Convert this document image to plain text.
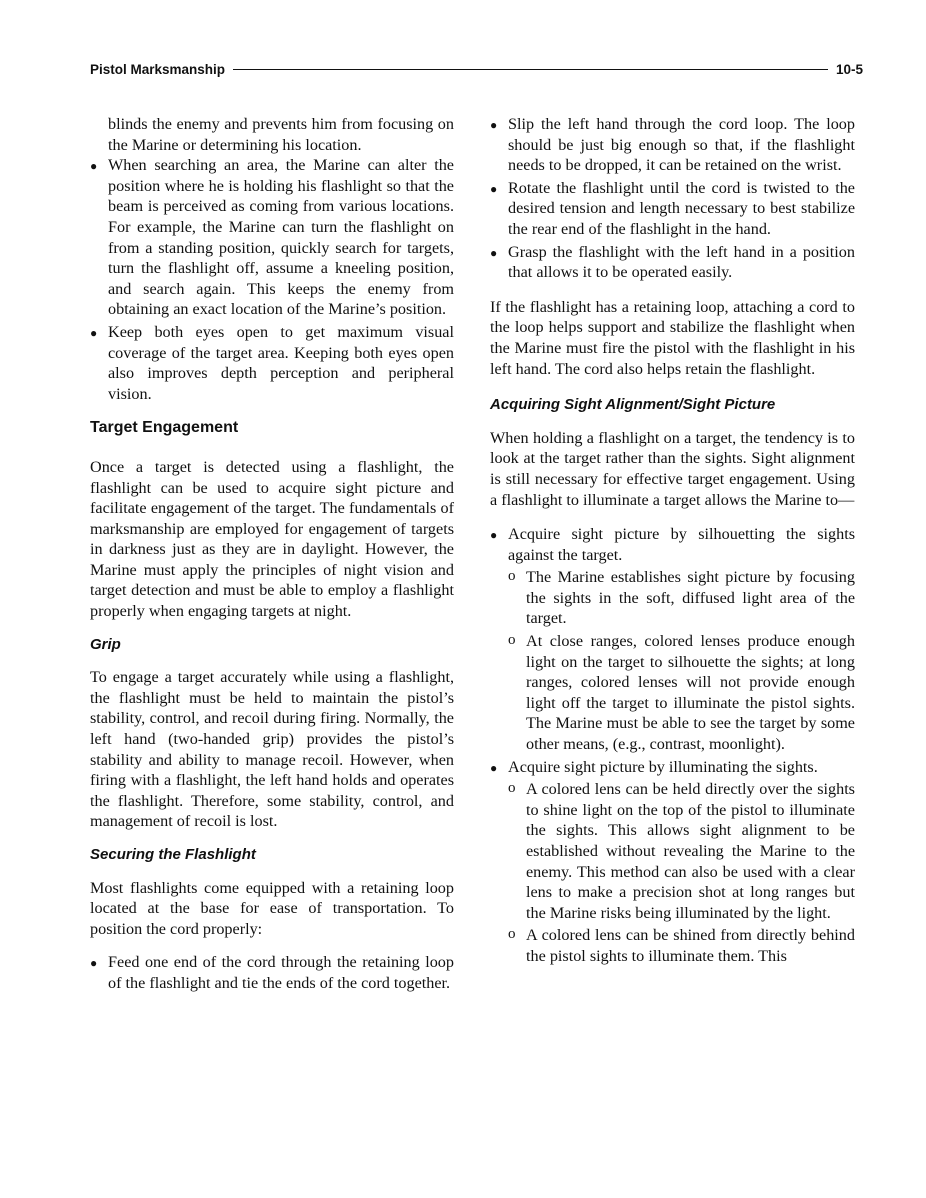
Pistol Marksmanship	10-5

blinds the enemy and prevents him from focusing on the Marine or determining his location.

● When searching an area, the Marine can alter the position where he is holding his flashlight so that the beam is perceived as coming from various locations. For example, the Marine can turn the flashlight on from a standing position, quickly search for targets, turn the flashlight off, assume a kneeling position, and search again. This keeps the enemy from obtaining an exact location of the Marine’s position.
● Keep both eyes open to get maximum visual coverage of the target area. Keeping both eyes open also improves depth perception and peripheral vision.
Target Engagement

Once a target is detected using a flashlight, the flashlight can be used to acquire sight picture and facilitate engagement of the target. The fundamentals of marksmanship are employed for engagement of targets in darkness just as they are in daylight. However, the Marine must apply the principles of night vision and target detection and must be able to employ a flashlight properly when engaging targets at night.

Grip

To engage a target accurately while using a flashlight, the flashlight must be held to maintain the pistol’s stability, control, and recoil during firing. Normally, the left hand (two-handed grip) provides the pistol’s stability and ability to manage recoil. However, when firing with a flashlight, the left hand holds and operates the flashlight. Therefore, some stability, control, and management of recoil is lost.

Securing the Flashlight

Most flashlights come equipped with a retaining loop located at the base for ease of transportation. To position the cord properly:

● Feed one end of the cord through the retaining loop of the flashlight and tie the ends of the cord together.
● Slip the left hand through the cord loop. The loop should be just big enough so that, if the flashlight needs to be dropped, it can be retained on the wrist.
● Rotate the flashlight until the cord is twisted to the desired tension and length necessary to best stabilize the rear end of the flashlight in the hand.
● Grasp the flashlight with the left hand in a position that allows it to be operated easily.

If the flashlight has a retaining loop, attaching a cord to the loop helps support and stabilize the flashlight when the Marine must fire the pistol with the flashlight in his left hand. The cord also helps retain the flashlight.

Acquiring Sight Alignment/Sight Picture

When holding a flashlight on a target, the tendency is to look at the target rather than the sights. Sight alignment is still necessary for effective target engagement. Using a flashlight to illuminate a target allows the Marine to—

● Acquire sight picture by silhouetting the sights against the target.
o The Marine establishes sight picture by focusing the sights in the soft, diffused light area of the target.
o At close ranges, colored lenses produce enough light on the target to silhouette the sights; at long ranges, colored lenses will not provide enough light off the target to illuminate the pistol sights. The Marine must be able to see the target by some other means, (e.g., contrast, moonlight).
● Acquire sight picture by illuminating the sights.
o A colored lens can be held directly over the sights to shine light on the top of the pistol to illuminate the sights. This allows sight alignment to be established without revealing the Marine to the enemy. This method can also be used with a clear lens to make a precision shot at long ranges but the Marine risks being illuminated by the light.
o A colored lens can be shined from directly behind the pistol sights to illuminate them. This
